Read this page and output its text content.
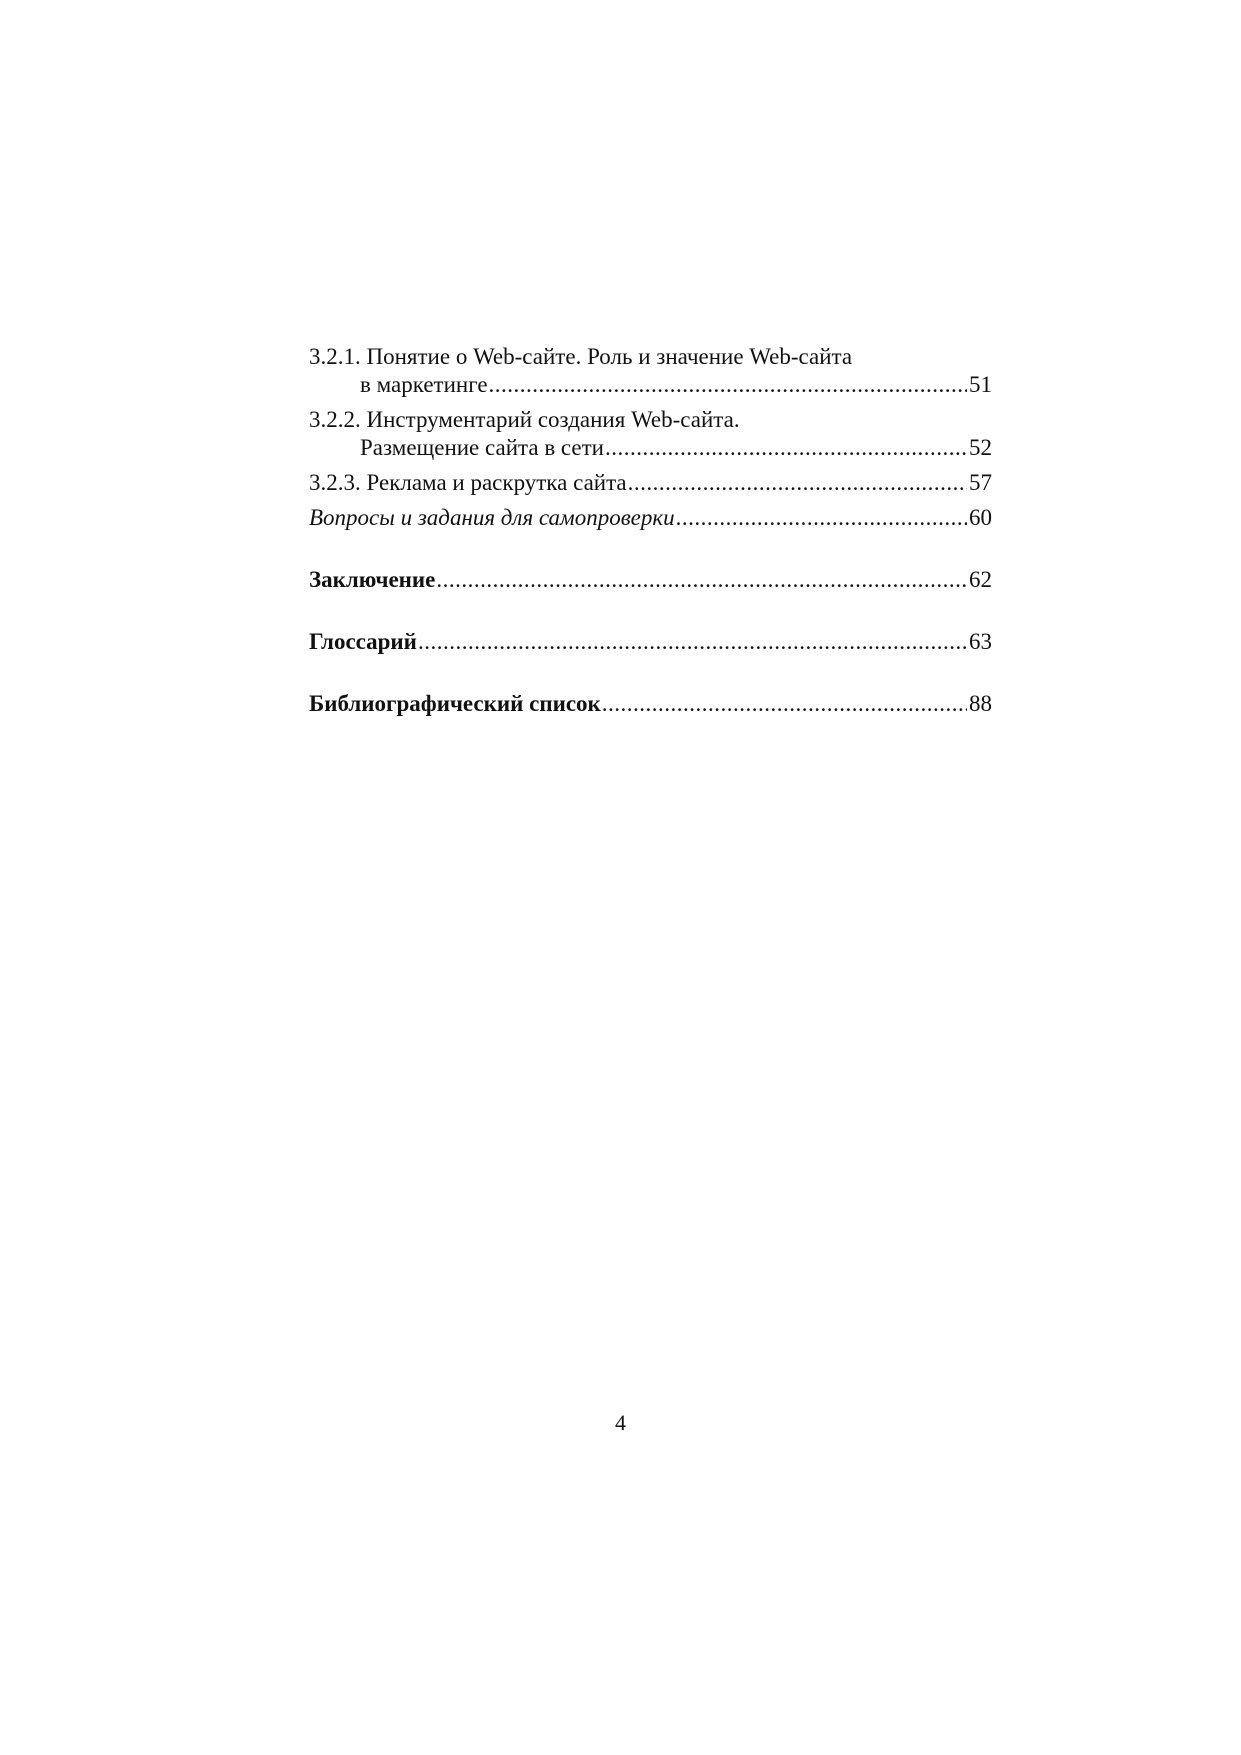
3.2.1. Понятие о Web-сайте. Роль и значение Web-сайта
в маркетинге .....	51
3.2.2. Инструментарий создания Web-сайта.
Размещение сайта в сети .....	52
3.2.3. Реклама и раскрутка сайта .....	57
Вопросы и задания для самопроверки .....	60
Заключение .....	62
Глоссарий .....	63
Библиографический список .....	88
4
